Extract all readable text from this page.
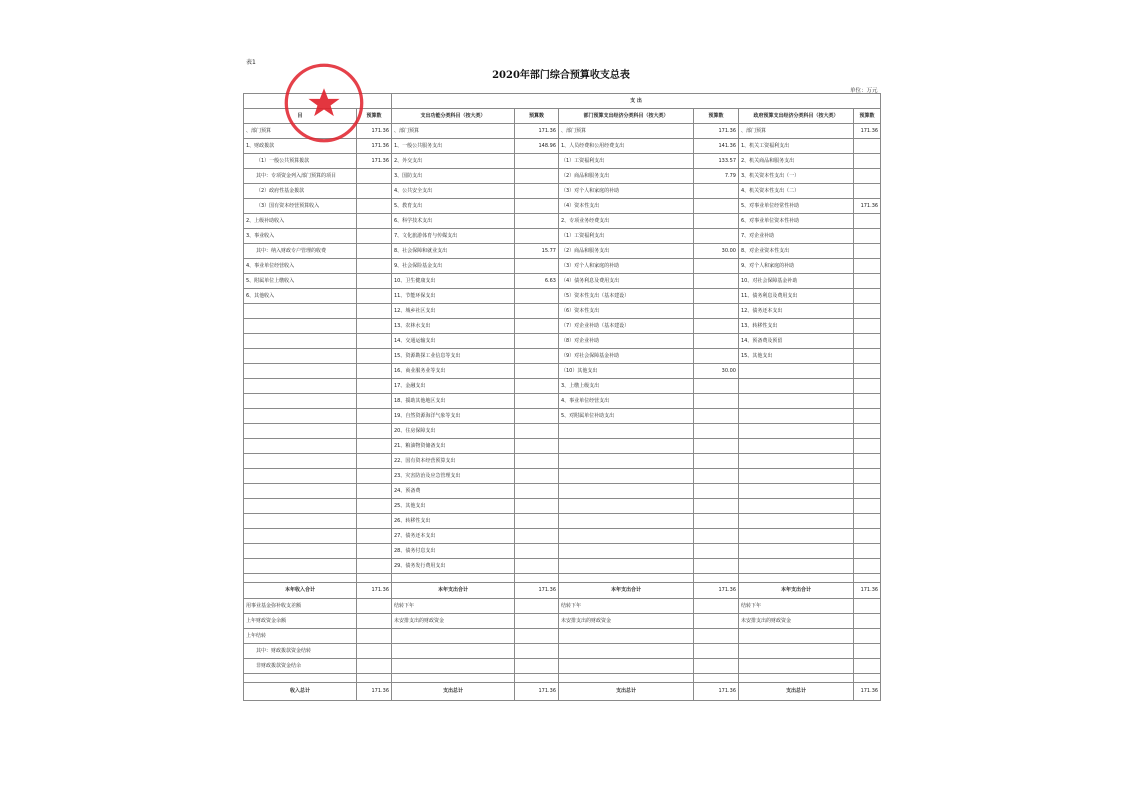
表1
2020年部门综合预算收支总表
单位：万元
		支 出					
目	预算数	支出功能分类科目（按大类）	预算数	部门预算支出经济分类科目（按大类）	预算数	政府预算支出经济分类科目（按大类）	预算数
、部门预算	171.36	、部门预算	171.36	、部门预算	171.36	、部门预算	171.36
1、财政拨款	171.36	1、一般公共服务支出	148.96	1、人员经费和公用经费支出	141.36	1、机关工资福利支出	
（1）一般公共预算拨款	171.36	2、外交支出		（1）工资福利支出	133.57	2、机关商品和服务支出	
其中：专项资金列入部门预算的项目		3、国防支出		（2）商品和服务支出	7.79	3、机关资本性支出（一）	
（2）政府性基金拨款		4、公共安全支出		（3）对个人和家庭的补助		4、机关资本性支出（二）	
（3）国有资本经营预算收入		5、教育支出		（4）资本性支出		5、对事业单位经常性补助	171.36
2、上级补助收入		6、科学技术支出		2、专项业务经费支出		6、对事业单位资本性补助	
3、事业收入		7、文化旅游体育与传媒支出		（1）工资福利支出		7、对企业补助	
其中：纳入财政专户管理的收费		8、社会保障和就业支出	15.77	（2）商品和服务支出	30.00	8、对企业资本性支出	
4、事业单位经营收入		9、社会保险基金支出		（3）对个人和家庭的补助		9、对个人和家庭的补助	
5、附属单位上缴收入		10、卫生健康支出	6.63	（4）债务利息及费用支出		10、对社会保障基金补助	
6、其他收入		11、节能环保支出		（5）资本性支出（基本建设）		11、债务利息及费用支出	
		12、城乡社区支出		（6）资本性支出		12、债务还本支出	
		13、农林水支出		（7）对企业补助（基本建设）		13、转移性支出	
		14、交通运输支出		（8）对企业补助		14、预备费及预留	
		15、资源勘探工业信息等支出		（9）对社会保障基金补助		15、其他支出	
		16、商业服务业等支出		（10）其他支出	30.00		
		17、金融支出		3、上缴上级支出			
		18、援助其他地区支出		4、事业单位经营支出			
		19、自然资源海洋气象等支出		5、对附属单位补助支出			
		20、住房保障支出					
		21、粮油物资储备支出					
		22、国有资本经营预算支出					
		23、灾害防治及应急管理支出					
		24、预备费					
		25、其他支出					
		26、转移性支出					
		27、债务还本支出					
		28、债务付息支出					
		29、债务发行费用支出					

本年收入合计	171.36	本年支出合计	171.36	本年支出合计	171.36	本年支出合计	171.36
用事业基金弥补收支差额		结转下年		结转下年		结转下年	
上年财政资金余额		未安排支出的财政资金		未安排支出的财政资金		未安排支出的财政资金	
上年结转							
其中：财政拨款资金结转							
非财政拨款资金结余							

收入总计	171.36	支出总计	171.36	支出总计	171.36	支出总计	171.36
